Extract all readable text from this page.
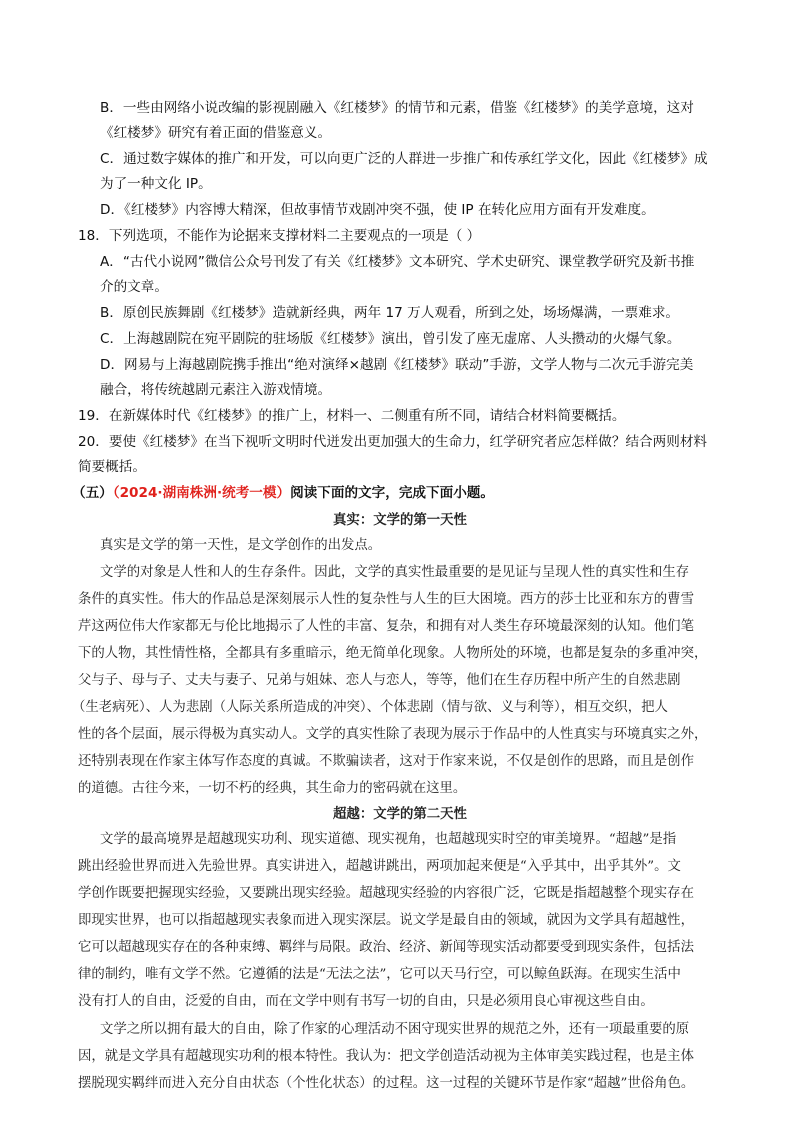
B．一些由网络小说改编的影视剧融入《红楼梦》的情节和元素，借鉴《红楼梦》的美学意境，这对
《红楼梦》研究有着正面的借鉴意义。
C．通过数字媒体的推广和开发，可以向更广泛的人群进一步推广和传承红学文化，因此《红楼梦》成
为了一种文化 IP。
D．《红楼梦》内容博大精深，但故事情节戏剧冲突不强，使 IP 在转化应用方面有开发难度。
18．下列选项，不能作为论据来支撑材料二主要观点的一项是（ ）
A．“古代小说网”微信公众号刊发了有关《红楼梦》文本研究、学术史研究、课堂教学研究及新书推
介的文章。
B．原创民族舞剧《红楼梦》造就新经典，两年 17 万人观看，所到之处，场场爆满，一票难求。
C．上海越剧院在宛平剧院的驻场版《红楼梦》演出，曾引发了座无虚席、人头攒动的火爆气象。
D．网易与上海越剧院携手推出“绝对演绎×越剧《红楼梦》联动”手游，文学人物与二次元手游完美
融合，将传统越剧元素注入游戏情境。
19．在新媒体时代《红楼梦》的推广上，材料一、二侧重有所不同，请结合材料简要概括。
20．要使《红楼梦》在当下视听文明时代迸发出更加强大的生命力，红学研究者应怎样做？结合两则材料
简要概括。
（五）（2024·湖南株洲·统考一模）阅读下面的文字，完成下面小题。
真实：文学的第一天性
真实是文学的第一天性，是文学创作的出发点。
文学的对象是人性和人的生存条件。因此，文学的真实性最重要的是见证与呈现人性的真实性和生存
条件的真实性。伟大的作品总是深刻展示人性的复杂性与人生的巨大困境。西方的莎士比亚和东方的曹雪
芹这两位伟大作家都无与伦比地揭示了人性的丰富、复杂，和拥有对人类生存环境最深刻的认知。他们笔
下的人物，其性情性格，全都具有多重暗示，绝无简单化现象。人物所处的环境，也都是复杂的多重冲突，
父与子、母与子、丈夫与妻子、兄弟与姐妹、恋人与恋人，等等，他们在生存历程中所产生的自然悲剧
（生老病死）、人为悲剧（人际关系所造成的冲突）、个体悲剧（情与欲、义与利等），相互交织，把人
性的各个层面，展示得极为真实动人。文学的真实性除了表现为展示于作品中的人性真实与环境真实之外，
还特别表现在作家主体写作态度的真诚。不欺骗读者，这对于作家来说，不仅是创作的思路，而且是创作
的道德。古往今来，一切不朽的经典，其生命力的密码就在这里。
超越：文学的第二天性
文学的最高境界是超越现实功利、现实道德、现实视角，也超越现实时空的审美境界。“超越”是指
跳出经验世界而进入先验世界。真实讲进入，超越讲跳出，两项加起来便是“入乎其中，出乎其外”。文
学创作既要把握现实经验，又要跳出现实经验。超越现实经验的内容很广泛，它既是指超越整个现实存在
即现实世界，也可以指超越现实表象而进入现实深层。说文学是最自由的领域，就因为文学具有超越性，
它可以超越现实存在的各种束缚、羁绊与局限。政治、经济、新闻等现实活动都要受到现实条件，包括法
律的制约，唯有文学不然。它遵循的法是“无法之法”，它可以天马行空，可以鲸鱼跃海。在现实生活中
没有打人的自由，泛爱的自由，而在文学中则有书写一切的自由，只是必须用良心审视这些自由。
文学之所以拥有最大的自由，除了作家的心理活动不困守现实世界的规范之外，还有一项最重要的原
因，就是文学具有超越现实功利的根本特性。我认为：把文学创造活动视为主体审美实践过程，也是主体
摆脱现实羁绊而进入充分自由状态（个性化状态）的过程。这一过程的关键环节是作家“超越”世俗角色。
